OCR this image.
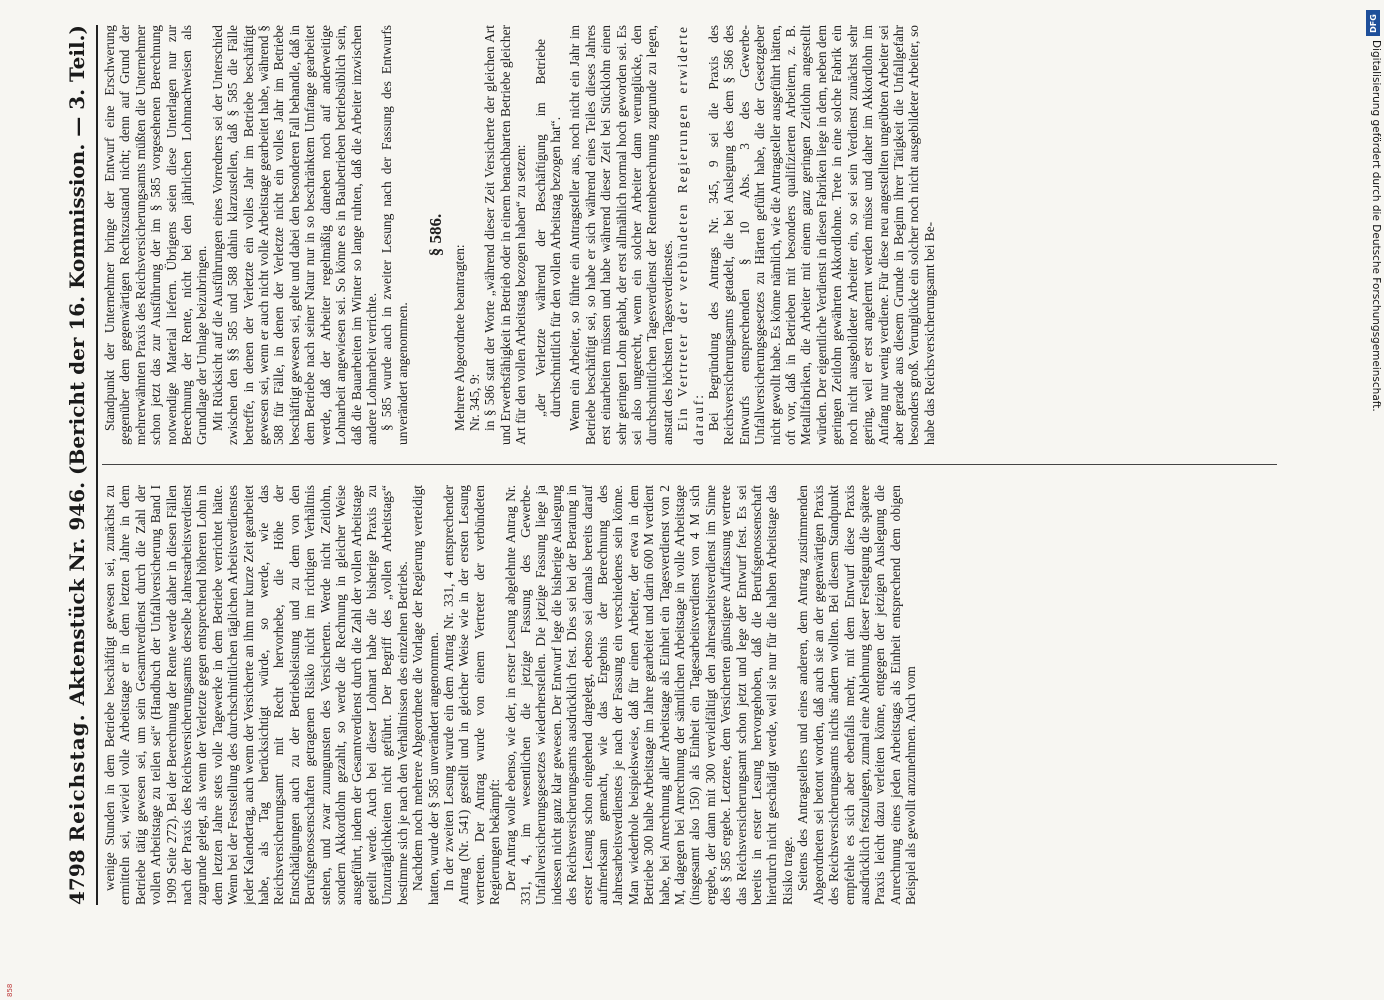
4798
Reichstag.
Aktenstück Nr. 946. (Bericht der 16. Kommission. — 3. Teil.) wenige Stunden in dem Betriebe beschäftigt gewesen sei, zunächst zu ermitteln sei, wieviel volle Arbeitstage er in dem letzten Jahre in dem Betriebe tätig gewesen sei, um sein Gesamtverdienst durch die Zahl der vollen Arbeitstage zu teilen sei“ (Handbuch der Unfallversicherung Band I 1909 Seite 272). Bei der Berechnung der Rente werde daher in diesen Fällen nach der Praxis des Reichsversicherungsamts derselbe Jahresarbeitsverdienst zugrunde gelegt, als wenn der Verletzte gegen entsprechend höheren Lohn in dem letzten Jahre stets volle Tagewerke in dem Betriebe verrichtet hätte. Wenn bei der Feststellung des durchschnittlichen täglichen Arbeitsverdienstes jeder Kalendertag, auch wenn der Versicherte an ihm nur kurze Zeit gearbeitet habe, als Tag berücksichtigt würde, so werde, wie das Reichsversicherungsamt mit Recht hervorhebe, die Höhe der Entschädigungen auch zu der Betriebsleistung und zu dem von den Berufsgenossenschaften getragenen Risiko nicht im richtigen Verhältnis stehen, und zwar zuungunsten des Versicherten. Werde nicht Zeitlohn, sondern Akkordlohn gezahlt, so werde die Rechnung in gleicher Weise ausgeführt, indem der Gesamtverdienst durch die Zahl der vollen Arbeitstage geteilt werde. Auch bei dieser Lohnart habe die bisherige Praxis zu Unzuträglichkeiten nicht geführt. Der Begriff des „vollen Arbeitstags“ bestimme sich je nach den Verhältnissen des einzelnen Betriebs. Nachdem noch mehrere Abgeordnete die Vorlage der Regierung verteidigt hatten, wurde der § 585 unverändert angenommen. In der zweiten Lesung wurde ein dem Antrag Nr. 331, 4 entsprechender Antrag (Nr. 541) gestellt und in gleicher Weise wie in der ersten Lesung vertreten. Der Antrag wurde von einem Vertreter der verbündeten Regierungen bekämpft: Der Antrag wolle ebenso, wie der, in erster Lesung abgelehnte Antrag Nr. 331, 4, im wesentlichen die jetzige Fassung des Gewerbe-Unfallversicherungsgesetzes wiederherstellen. Die jetzige Fassung liege ja indessen nicht ganz klar gewesen. Der Entwurf lege die bisherige Auslegung des Reichsversicherungsamts ausdrücklich fest. Dies sei bei der Beratung in erster Lesung schon eingehend dargelegt, ebenso sei damals bereits darauf aufmerksam gemacht, wie das Ergebnis der Berechnung des Jahresarbeitsverdienstes je nach der Fassung ein verschiedenes sein könne. Man wiederhole beispielsweise, daß für einen Arbeiter, der etwa in dem Betriebe 300 halbe Arbeitstage im Jahre gearbeitet und darin 600 M verdient habe, bei Anrechnung aller Arbeitstage als Einheit ein Tagesverdienst von 2 M, dagegen bei Anrechnung der sämtlichen Arbeitstage in volle Arbeitstage (insgesamt also 150) als Einheit ein Tagesarbeitsverdienst von 4 M sich ergebe, der dann mit 300 vervielfältigt den Jahresarbeitsverdienst im Sinne des § 585 ergebe. Letztere, dem Versicherten günstigere Auffassung vertrete das Reichsversicherungsamt schon jetzt und lege der Entwurf fest. Es sei bereits in erster Lesung hervorgehoben, daß die Berufsgenossenschaft hierdurch nicht geschädigt werde, weil sie nur für die halben Arbeitstage das Risiko trage. Seitens des Antragstellers und eines anderen, dem Antrag zustimmenden Abgeordneten sei betont worden, daß auch sie an der gegenwärtigen Praxis des Reichsversicherungsamts nichts ändern wollten. Bei diesem Standpunkt empfehle es sich aber ebenfalls mehr, mit dem Entwurf diese Praxis ausdrücklich festzulegen, zumal eine Ablehnung dieser Festlegung die spätere Praxis leicht dazu verleiten könne, entgegen der jetzigen Auslegung die Anrechnung eines jeden Arbeitstags als Einheit entsprechend dem obigen Beispiel als gewollt anzunehmen. Auch vom

Standpunkt der Unternehmer bringe der Entwurf eine Erschwerung gegenüber dem gegenwärtigen Rechtszustand nicht; denn auf Grund der mehrerwähnten Praxis des Reichsversicherungsamts müßten die Unternehmer schon jetzt das zur Ausführung der im § 585 vorgesehenen Berechnung notwendige Material liefern. Übrigens seien diese Unterlagen nur zur Berechnung der Rente, nicht bei den jährlichen Lohnnachweisen als Grundlage der Umlage beizubringen. Mit Rücksicht auf die Ausführungen eines Vorredners sei der Unterschied zwischen den §§ 585 und 588 dahin klarzustellen, daß § 585 die Fälle betreffe, in denen der Verletzte ein volles Jahr im Betriebe beschäftigt gewesen sei, wenn er auch nicht volle Arbeitstage gearbeitet habe, während § 588 für Fälle, in denen der Verletzte nicht ein volles Jahr im Betriebe beschäftigt gewesen sei, gelte und dabei den besonderen Fall behandle, daß in dem Betriebe nach seiner Natur nur in so beschränktem Umfange gearbeitet werde, daß der Arbeiter regelmäßig daneben noch auf anderweitige Lohnarbeit angewiesen sei. So könne es in Baubetrieben betriebsüblich sein, daß die Bauarbeiten im Winter so lange ruhten, daß die Arbeiter inzwischen andere Lohnarbeit verrichte. § 585 wurde auch in zweiter Lesung nach der Fassung des Entwurfs unverändert angenommen.

§ 586.

Mehrere Abgeordnete beantragten: Nr. 345, 9: in § 586 statt der Worte „während dieser Zeit Versicherte der gleichen Art und Erwerbsfähigkeit in Betrieb oder in einem benachbarten Betriebe gleicher Art für den vollen Arbeitstag bezogen haben“ zu setzen: „der Verletzte während der Beschäftigung im Betriebe durchschnittlich für den vollen Arbeitstag bezogen hat“. Wenn ein Arbeiter, so führte ein Antragsteller aus, noch nicht ein Jahr im Betriebe beschäftigt sei, so habe er sich während eines Teiles dieses Jahres erst einarbeiten müssen und habe während dieser Zeit bei Stücklohn einen sehr geringen Lohn gehabt, der erst allmählich normal hoch geworden sei. Es sei also ungerecht, wenn ein solcher Arbeiter dann verunglücke, den durchschnittlichen Tagesverdienst der Rentenberechnung zugrunde zu legen, anstatt des höchsten Tagesverdienstes. Ein Vertreter der verbündeten Regierungen erwiderte darauf: Bei Begründung des Antrags Nr. 345, 9 sei die Praxis des Reichsversicherungsamts getadelt, die bei Auslegung des dem § 586 des Entwurfs entsprechenden § 10 Abs. 3 des Gewerbe-Unfallversicherungsgesetzes zu Härten geführt habe, die der Gesetzgeber nicht gewollt habe. Es könne nämlich, wie die Antragsteller ausgeführt hätten, oft vor, daß in Betrieben mit besonders qualifizierten Arbeitern, z. B. Metallfabriken, die Arbeiter mit einem ganz geringen Zeitlohn angestellt würden. Der eigentliche Verdienst in diesen Fabriken liege in dem, neben dem geringen Zeitlohn gewährten Akkordlohne. Trete in eine solche Fabrik ein noch nicht ausgebildeter Arbeiter ein, so sei sein Verdienst zunächst sehr gering, weil er erst angelernt werden müsse und daher im Akkordlohn im Anfang nur wenig verdiene. Für diese neu angestellten ungeübten Arbeiter sei aber gerade aus diesem Grunde in Beginn ihrer Tätigkeit die Unfallgefahr besonders groß. Verunglücke ein solcher noch nicht ausgebildeter Arbeiter, so habe das Reichsversicherungsamt bei Be-

DFG
Digitalisierung gefördert durch die Deutsche Forschungsgemeinschaft.
858
